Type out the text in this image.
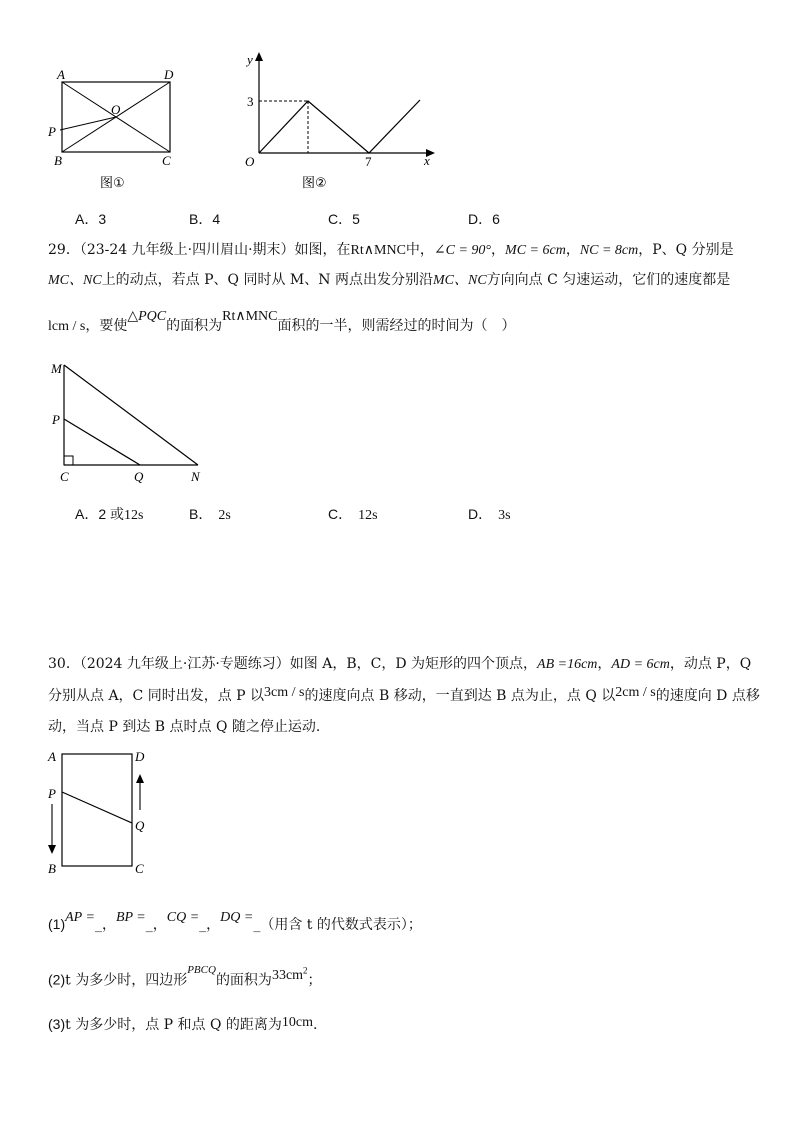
A	D
O
P
B	C
图①
y
x
O
3
7
图②
A．3	B．4	C．5	D．6
29．（23-24 九年级上·四川眉山·期末）如图，在Rt∧MNC中，∠C = 90°，MC = 6cm，NC = 8cm，P、Q 分别是
MC、NC上的动点，若点 P、Q 同时从 M、N 两点出发分别沿MC、NC方向向点 C 匀速运动，它们的速度都是
lcm / s，要使△PQC的面积为Rt∧MNC面积的一半，则需经过的时间为（　）
M
P
C	Q	N
A．2 或12s	B． 2s	C． 12s	D． 3s
30．（2024 九年级上·江苏·专题练习）如图 A，B，C，D 为矩形的四个顶点，AB =16cm，AD = 6cm，动点 P，Q
分别从点 A，C 同时出发，点 P 以3cm / s的速度向点 B 移动，一直到达 B 点为止，点 Q 以2cm / s的速度向 D 点移
动，当点 P 到达 B 点时点 Q 随之停止运动.
A	D
P
Q
B	C
(1)AP =_，BP =_，CQ =_，DQ =_（用含 t 的代数式表示）；
(2)t 为多少时，四边形$^{PBCQ}$的面积为$33cm^2$；
(3)t 为多少时，点 P 和点 Q 的距离为10cm.
